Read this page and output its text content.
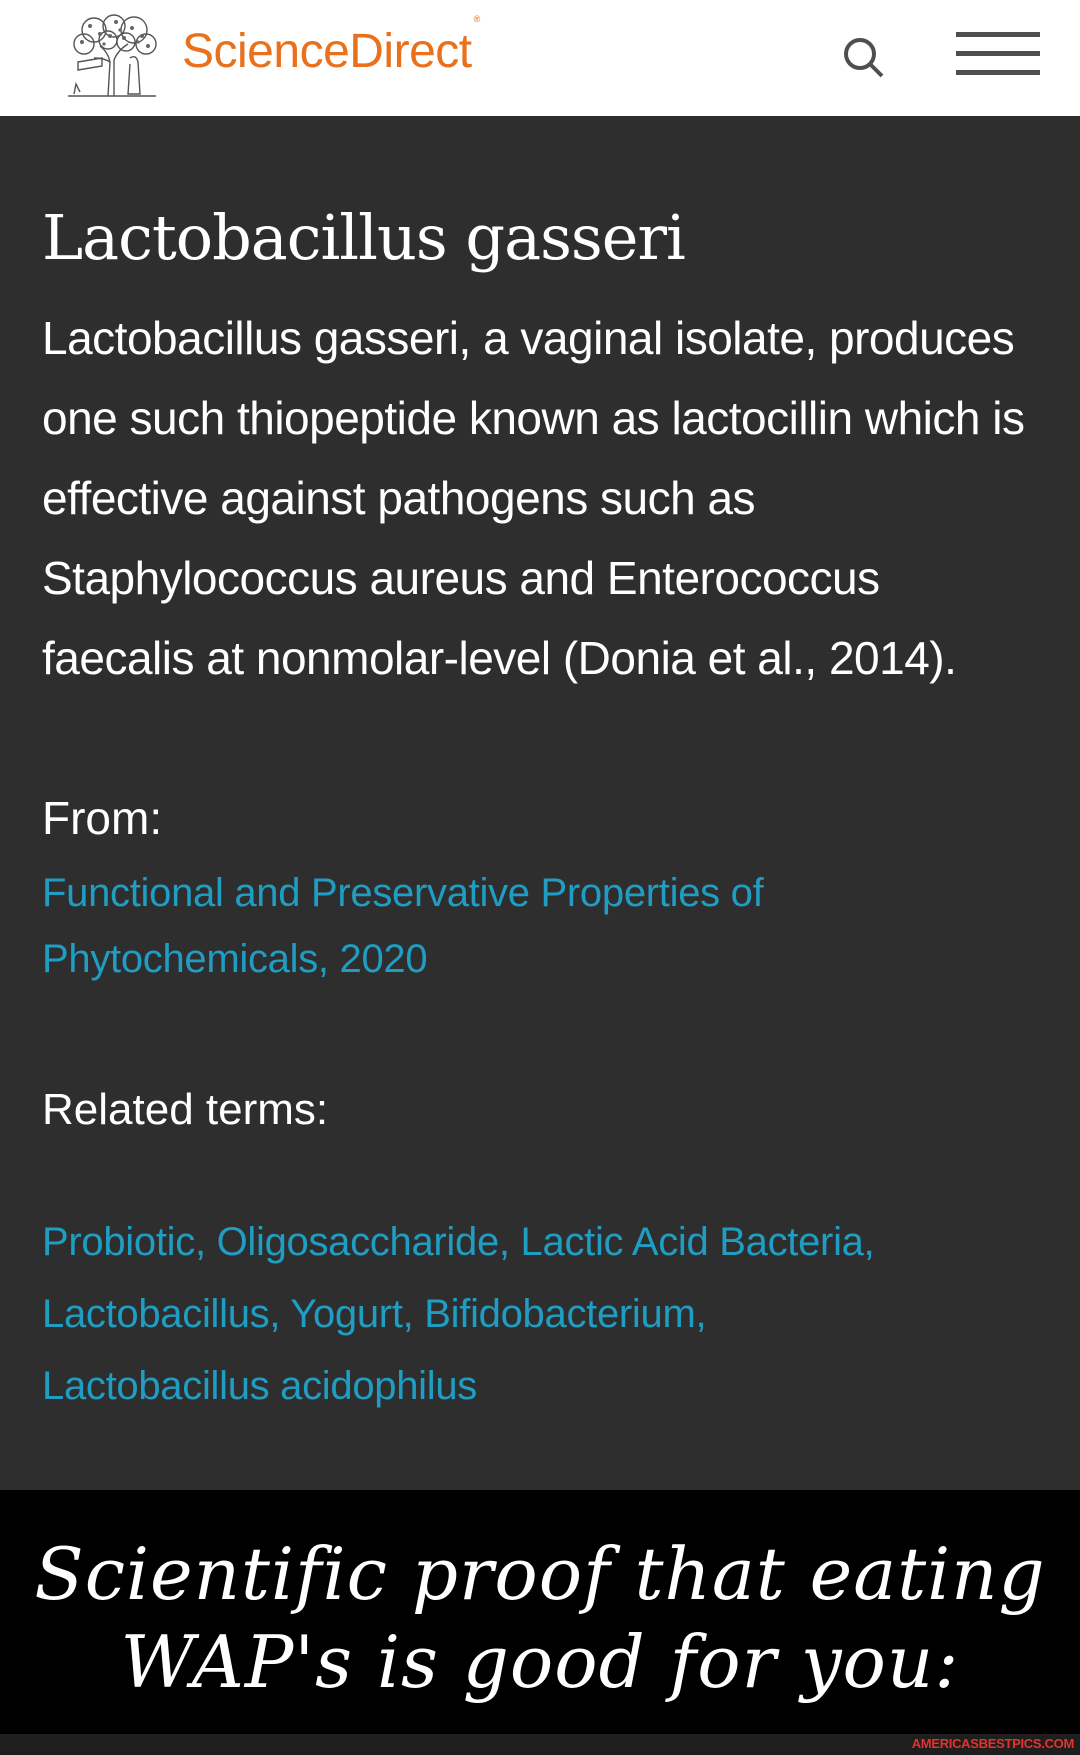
ScienceDirect®
Lactobacillus gasseri

Lactobacillus gasseri, a vaginal isolate, produces one such thiopeptide known as lactocillin which is effective against pathogens such as Staphylococcus aureus and Enterococcus faecalis at nonmolar-level (Donia et al., 2014).

From:
Functional and Preservative Properties of Phytochemicals, 2020
Related terms:
Probiotic, Oligosaccharide, Lactic Acid Bacteria,
Lactobacillus, Yogurt, Bifidobacterium,
Lactobacillus acidophilus
Scientific proof that eating
WAP's is good for you:
AMERICASBESTPICS.COM
